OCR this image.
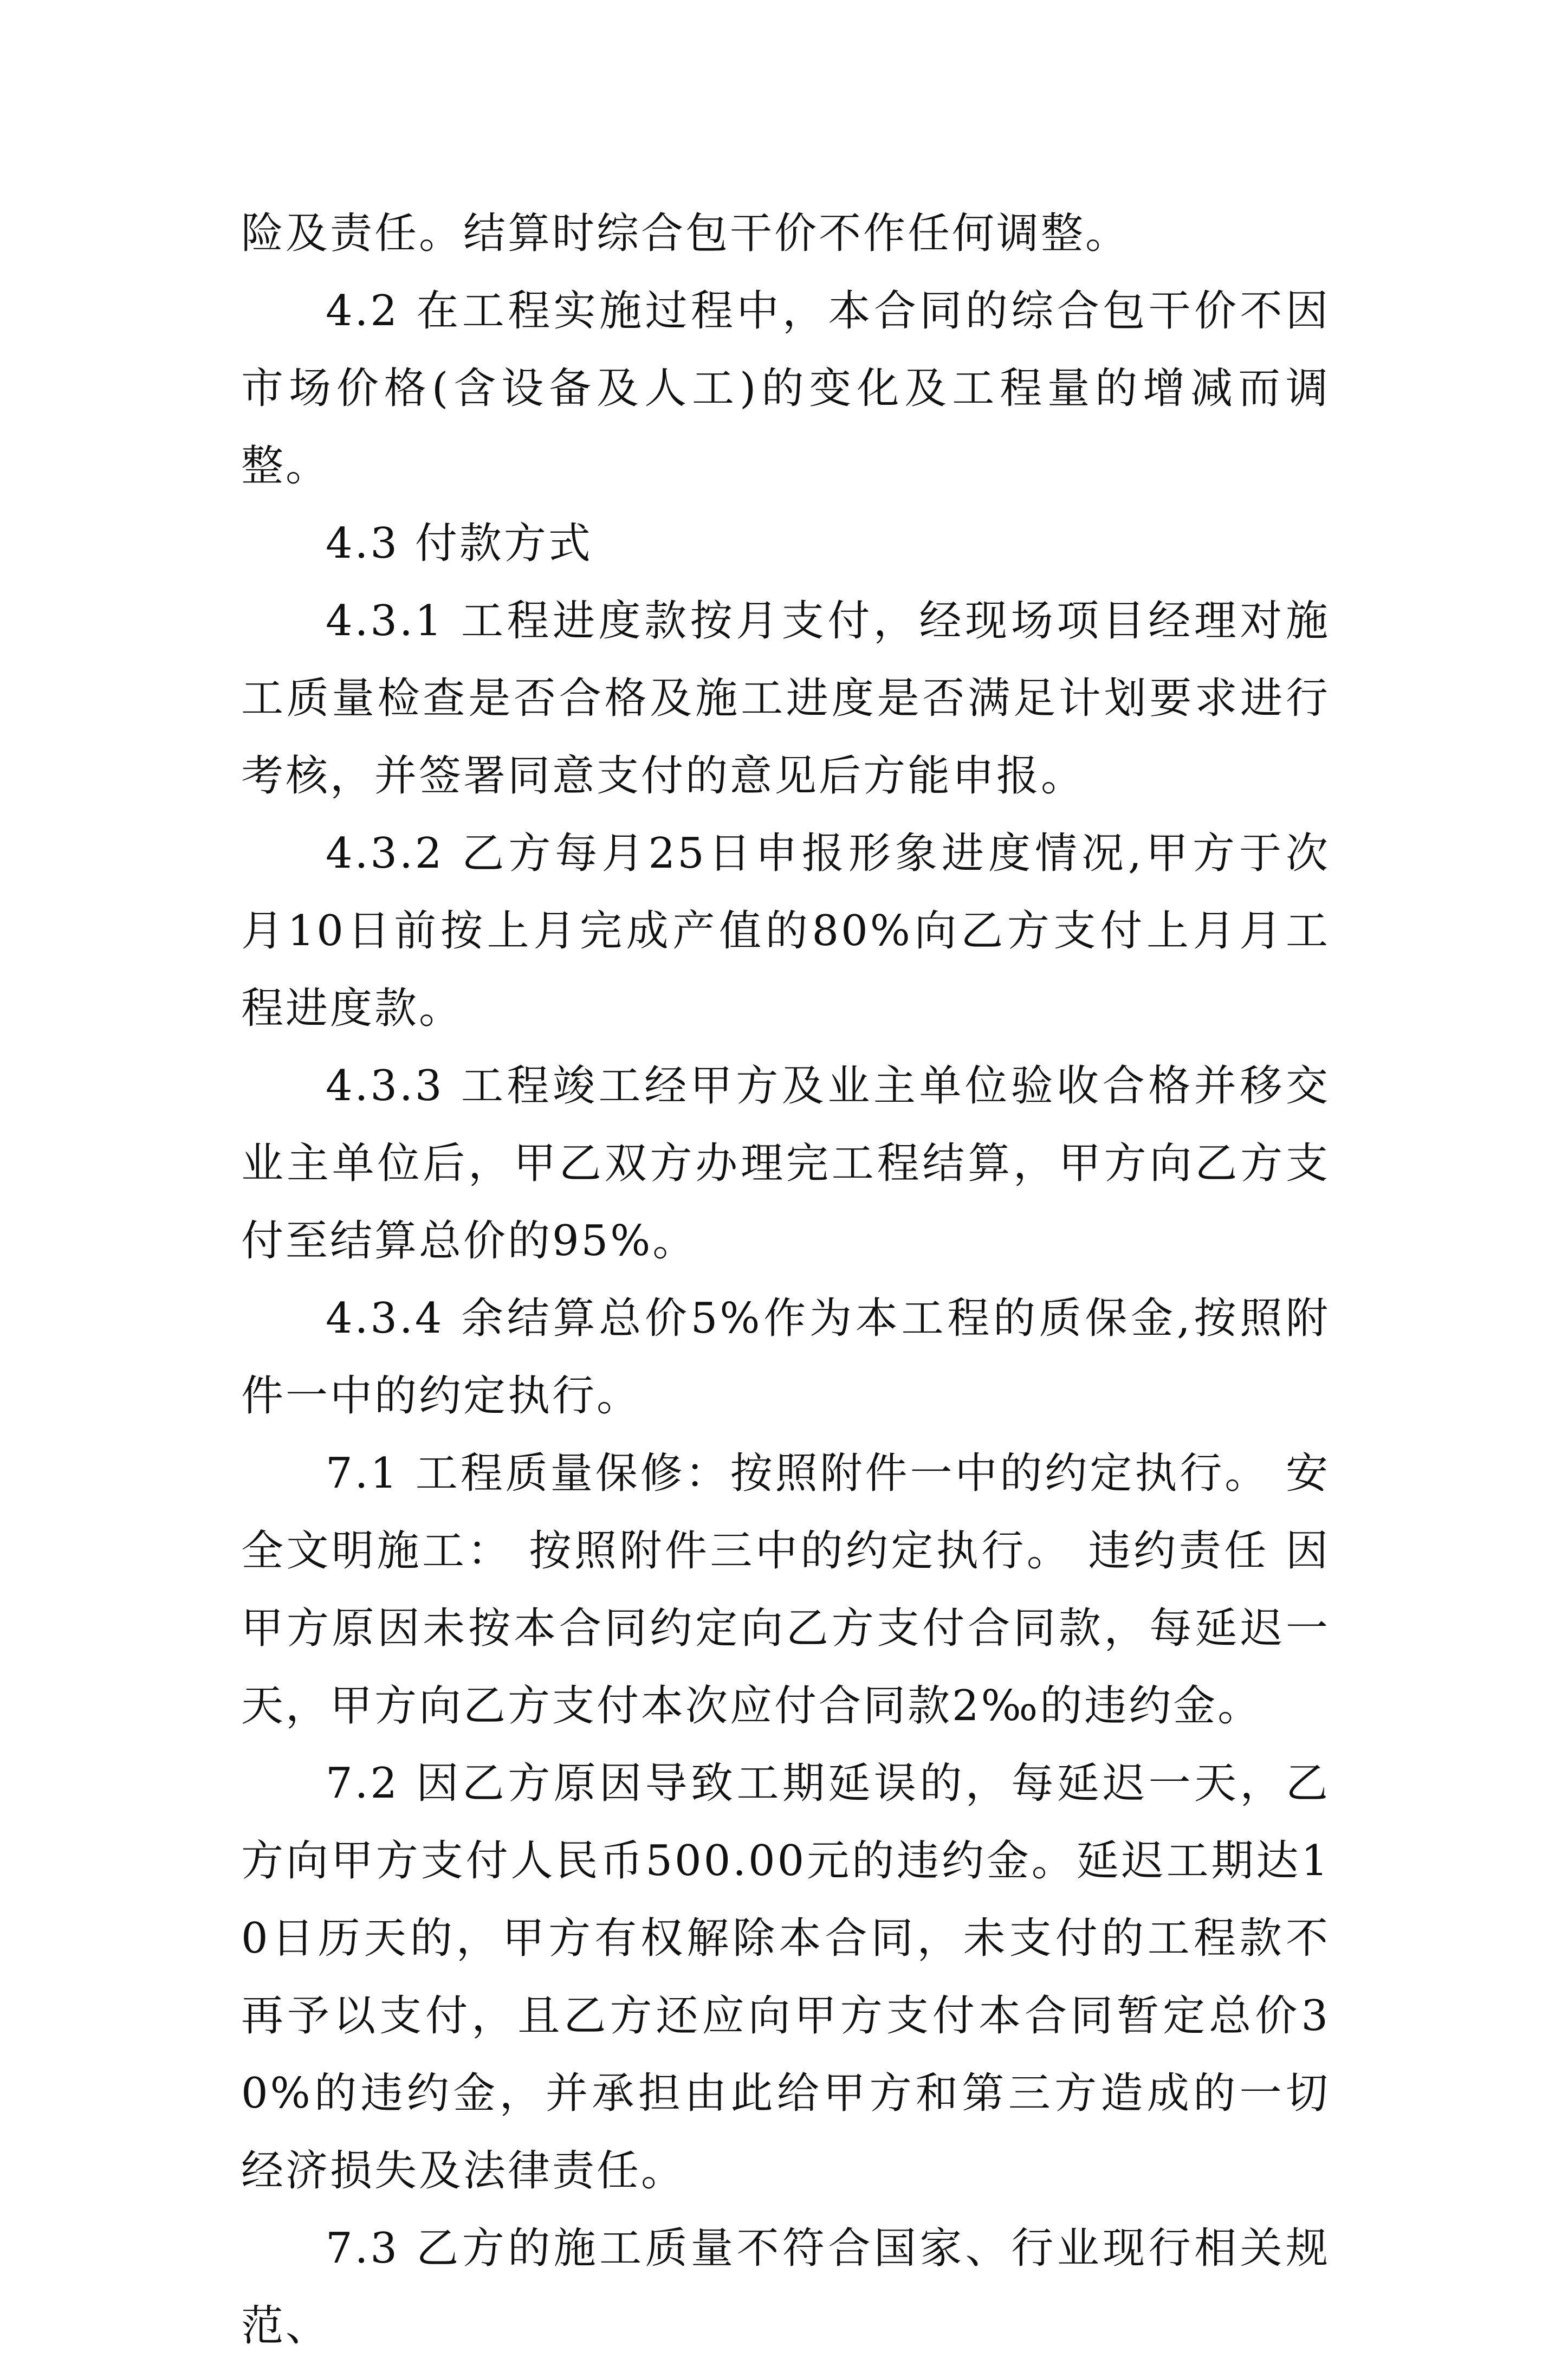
险及责任。结算时综合包干价不作任何调整。

4.2 在工程实施过程中，本合同的综合包干价不因市场价格(含设备及人工)的变化及工程量的增减而调整。

4.3 付款方式

4.3.1 工程进度款按月支付，经现场项目经理对施工质量检查是否合格及施工进度是否满足计划要求进行考核，并签署同意支付的意见后方能申报。

4.3.2 乙方每月25日申报形象进度情况,甲方于次月10日前按上月完成产值的80%向乙方支付上月月工程进度款。

4.3.3 工程竣工经甲方及业主单位验收合格并移交业主单位后，甲乙双方办理完工程结算，甲方向乙方支付至结算总价的95%。

4.3.4 余结算总价5%作为本工程的质保金,按照附件一中的约定执行。

7.1 工程质量保修：按照附件一中的约定执行。 安全文明施工： 按照附件三中的约定执行。 违约责任 因甲方原因未按本合同约定向乙方支付合同款，每延迟一天，甲方向乙方支付本次应付合同款2‰的违约金。

7.2 因乙方原因导致工期延误的，每延迟一天，乙方向甲方支付人民币500.00元的违约金。延迟工期达10日历天的，甲方有权解除本合同，未支付的工程款不再予以支付，且乙方还应向甲方支付本合同暂定总价30%的违约金，并承担由此给甲方和第三方造成的一切经济损失及法律责任。

7.3 乙方的施工质量不符合国家、行业现行相关规范、
